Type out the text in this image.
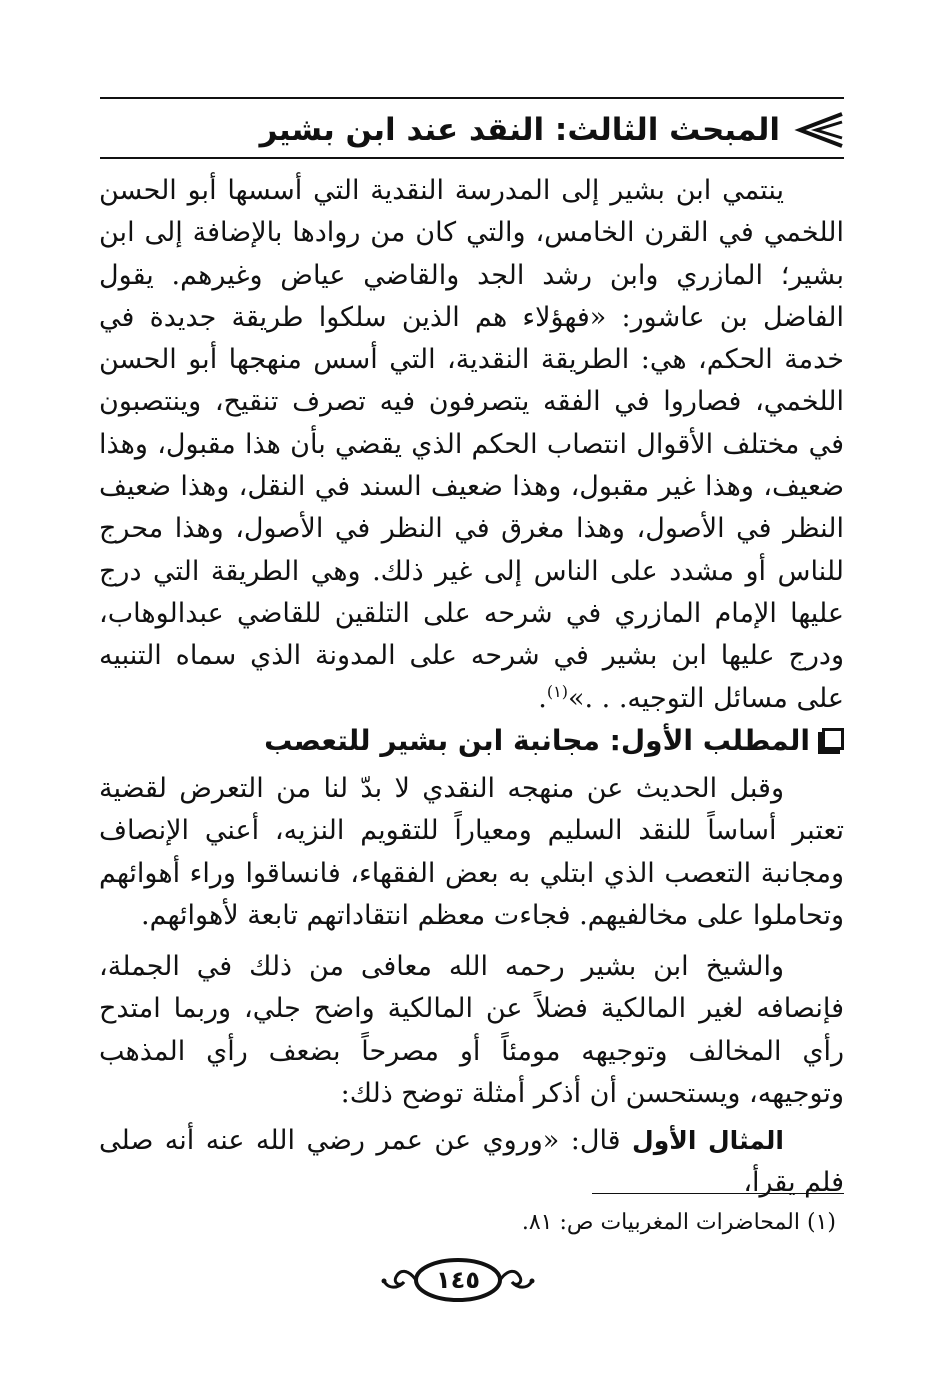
المبحث الثالث: النقد عند ابن بشير

ينتمي ابن بشير إلى المدرسة النقدية التي أسسها أبو الحسن اللخمي في القرن الخامس، والتي كان من روادها بالإضافة إلى ابن بشير؛ المازري وابن رشد الجد والقاضي عياض وغيرهم. يقول الفاضل بن عاشور: «فهؤلاء هم الذين سلكوا طريقة جديدة في خدمة الحكم، هي: الطريقة النقدية، التي أسس منهجها أبو الحسن اللخمي، فصاروا في الفقه يتصرفون فيه تصرف تنقيح، وينتصبون في مختلف الأقوال انتصاب الحكم الذي يقضي بأن هذا مقبول، وهذا ضعيف، وهذا غير مقبول، وهذا ضعيف السند في النقل، وهذا ضعيف النظر في الأصول، وهذا مغرق في النظر في الأصول، وهذا محرج للناس أو مشدد على الناس إلى غير ذلك. وهي الطريقة التي درج عليها الإمام المازري في شرحه على التلقين للقاضي عبدالوهاب، ودرج عليها ابن بشير في شرحه على المدونة الذي سماه التنبيه على مسائل التوجيه. . .»$^{(١)}$.

المطلب الأول: مجانبة ابن بشير للتعصب

وقبل الحديث عن منهجه النقدي لا بدّ لنا من التعرض لقضية تعتبر أساساً للنقد السليم ومعياراً للتقويم النزيه، أعني الإنصاف ومجانبة التعصب الذي ابتلي به بعض الفقهاء، فانساقوا وراء أهوائهم وتحاملوا على مخالفيهم. فجاءت معظم انتقاداتهم تابعة لأهوائهم.

والشيخ ابن بشير رحمه الله معافى من ذلك في الجملة، فإنصافه لغير المالكية فضلاً عن المالكية واضح جلي، وربما امتدح رأي المخالف وتوجيهه مومئاً أو مصرحاً بضعف رأي المذهب وتوجيهه، ويستحسن أن أذكر أمثلة توضح ذلك:

المثال الأول قال: «وروي عن عمر رضي الله عنه أنه صلى فلم يقرأ،

(١) المحاضرات المغربيات ص: ٨١.
١٤٥
